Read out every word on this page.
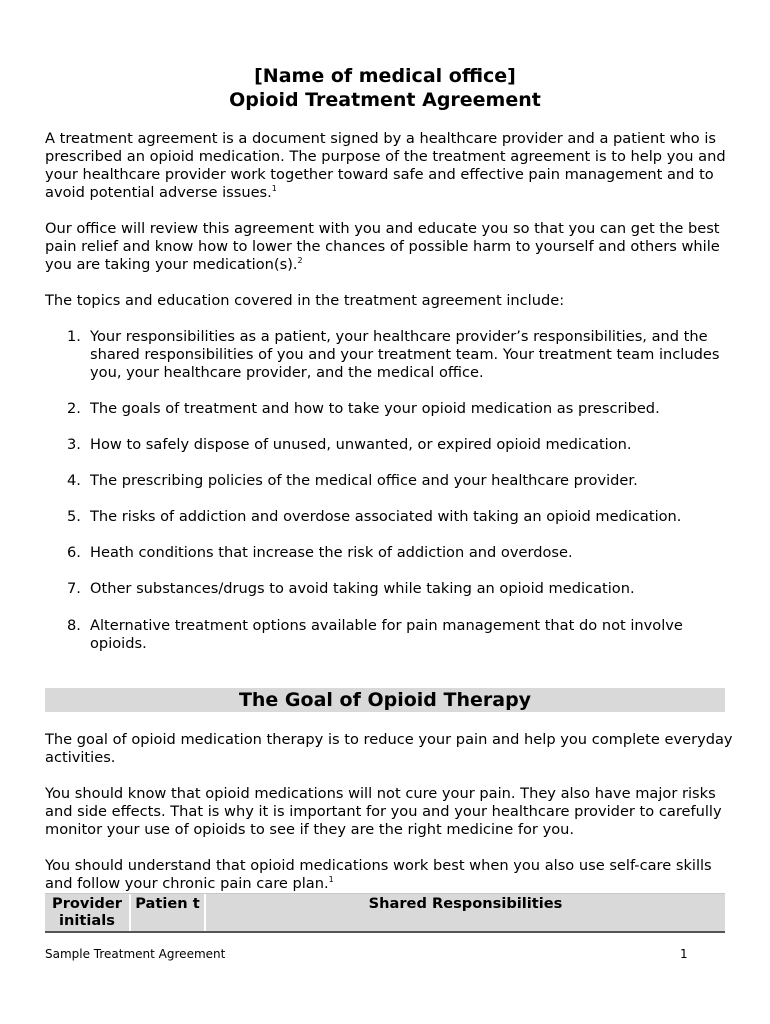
[Name of medical office]
Opioid Treatment Agreement
A treatment agreement is a document signed by a healthcare provider and a patient who is prescribed an opioid medication. The purpose of the treatment agreement is to help you and your healthcare provider work together toward safe and effective pain management and to avoid potential adverse issues.$^1$
Our office will review this agreement with you and educate you so that you can get the best pain relief and know how to lower the chances of possible harm to yourself and others while you are taking your medication(s).$^2$
The topics and education covered in the treatment agreement include:
1. Your responsibilities as a patient, your healthcare provider’s responsibilities, and the shared responsibilities of you and your treatment team. Your treatment team includes you, your healthcare provider, and the medical office.
2. The goals of treatment and how to take your opioid medication as prescribed.
3. How to safely dispose of unused, unwanted, or expired opioid medication.
4. The prescribing policies of the medical office and your healthcare provider.
5. The risks of addiction and overdose associated with taking an opioid medication.
6. Heath conditions that increase the risk of addiction and overdose.
7. Other substances/drugs to avoid taking while taking an opioid medication.
8. Alternative treatment options available for pain management that do not involve opioids.
The Goal of Opioid Therapy
The goal of opioid medication therapy is to reduce your pain and help you complete everyday activities.
You should know that opioid medications will not cure your pain. They also have major risks and side effects. That is why it is important for you and your healthcare provider to carefully monitor your use of opioids to see if they are the right medicine for you.
You should understand that opioid medications work best when you also use self-care skills and follow your chronic pain care plan.$^1$
Provider initials
Patien t	Shared Responsibilities
Sample Treatment Agreement	1
